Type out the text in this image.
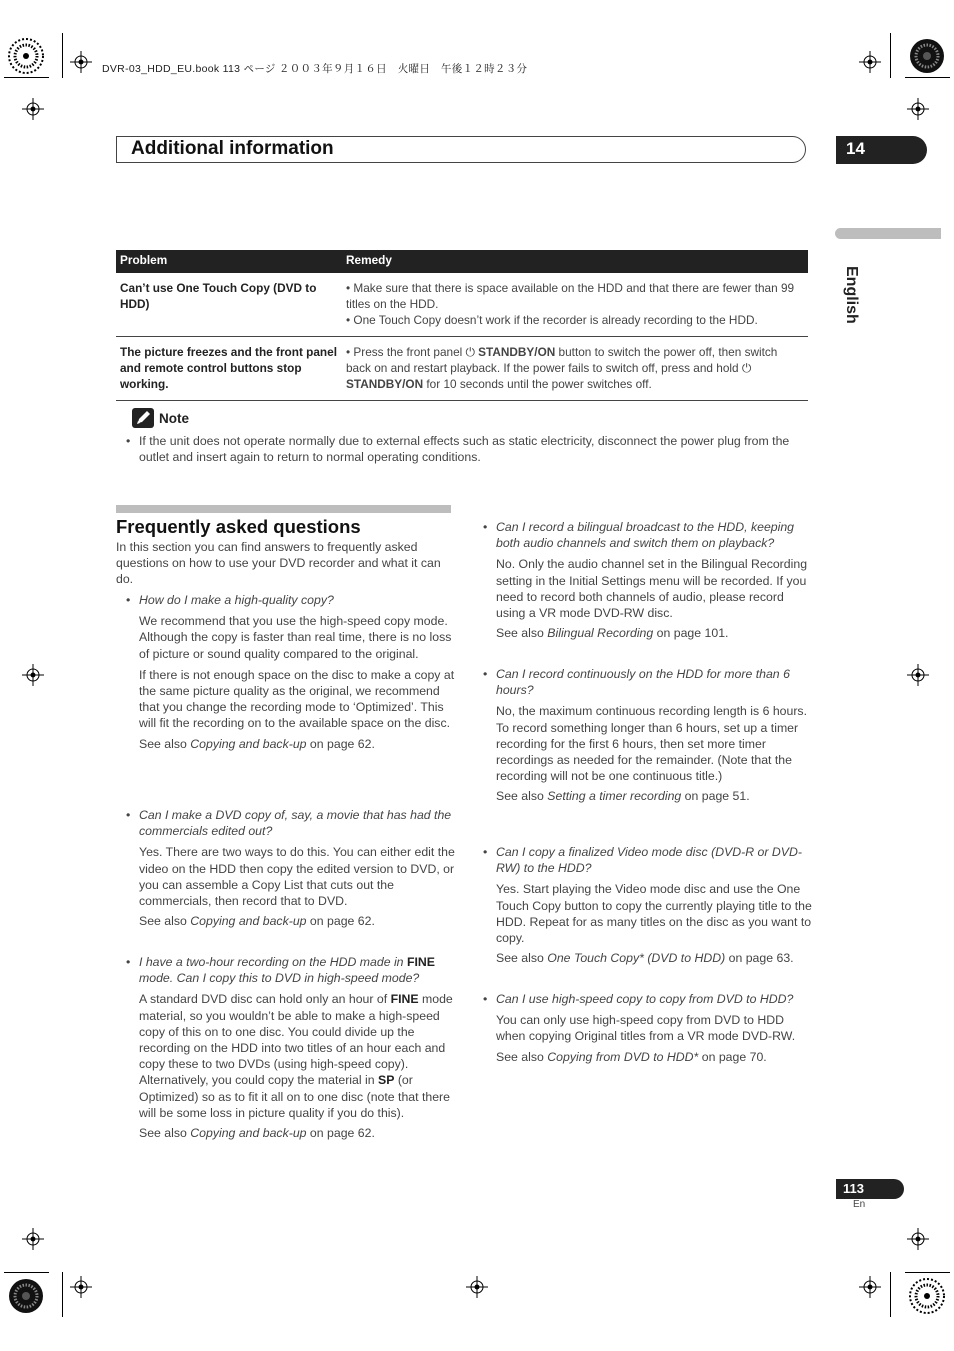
DVR-03_HDD_EU.book 113 ページ ２００３年９月１６日　火曜日　午後１２時２３分
Additional information	14
English
Problem	Remedy
Can’t use One Touch Copy (DVD to HDD)	• Make sure that there is space available on the HDD and that there are fewer than 99 titles on the HDD.
• One Touch Copy doesn’t work if the recorder is already recording to the HDD.

The picture freezes and the front panel and remote control buttons stop working.	• Press the front panel ⏻ STANDBY/ON button to switch the power off, then switch back on and restart playback. If the power fails to switch off, press and hold ⏻ STANDBY/ON for 10 seconds until the power switches off.
Note
• If the unit does not operate normally due to external effects such as static electricity, disconnect the power plug from the outlet and insert again to return to normal operating conditions.
Frequently asked questions
In this section you can find answers to frequently asked questions on how to use your DVD recorder and what it can do.
• How do I make a high-quality copy?

We recommend that you use the high-speed copy mode. Although the copy is faster than real time, there is no loss of picture or sound quality compared to the original.

If there is not enough space on the disc to make a copy at the same picture quality as the original, we recommend that you change the recording mode to ‘Optimized’. This will fit the recording on to the available space on the disc.

See also Copying and back-up on page 62.

• Can I make a DVD copy of, say, a movie that has had the commercials edited out?

Yes. There are two ways to do this. You can either edit the video on the HDD then copy the edited version to DVD, or you can assemble a Copy List that cuts out the commercials, then record that to DVD.

See also Copying and back-up on page 62.

• I have a two-hour recording on the HDD made in FINE mode. Can I copy this to DVD in high-speed mode?

A standard DVD disc can hold only an hour of FINE mode material, so you wouldn’t be able to make a high-speed copy of this on to one disc. You could divide up the recording on the HDD into two titles of an hour each and copy these to two DVDs (using high-speed copy). Alternatively, you could copy the material in SP (or Optimized) so as to fit it all on to one disc (note that there will be some loss in picture quality if you do this).

See also Copying and back-up on page 62.

• Can I record a bilingual broadcast to the HDD, keeping both audio channels and switch them on playback?

No. Only the audio channel set in the Bilingual Recording setting in the Initial Settings menu will be recorded. If you need to record both channels of audio, please record using a VR mode DVD-RW disc.

See also Bilingual Recording on page 101.

• Can I record continuously on the HDD for more than 6 hours?

No, the maximum continuous recording length is 6 hours. To record something longer than 6 hours, set up a timer recording for the first 6 hours, then set more timer recordings as needed for the remainder. (Note that the recording will not be one continuous title.)

See also Setting a timer recording on page 51.

• Can I copy a finalized Video mode disc (DVD-R or DVD-RW) to the HDD?

Yes. Start playing the Video mode disc and use the One Touch Copy button to copy the currently playing title to the HDD. Repeat for as many titles on the disc as you want to copy.

See also One Touch Copy* (DVD to HDD) on page 63.

• Can I use high-speed copy to copy from DVD to HDD?

You can only use high-speed copy from DVD to HDD when copying Original titles from a VR mode DVD-RW.

See also Copying from DVD to HDD* on page 70.

113
En
